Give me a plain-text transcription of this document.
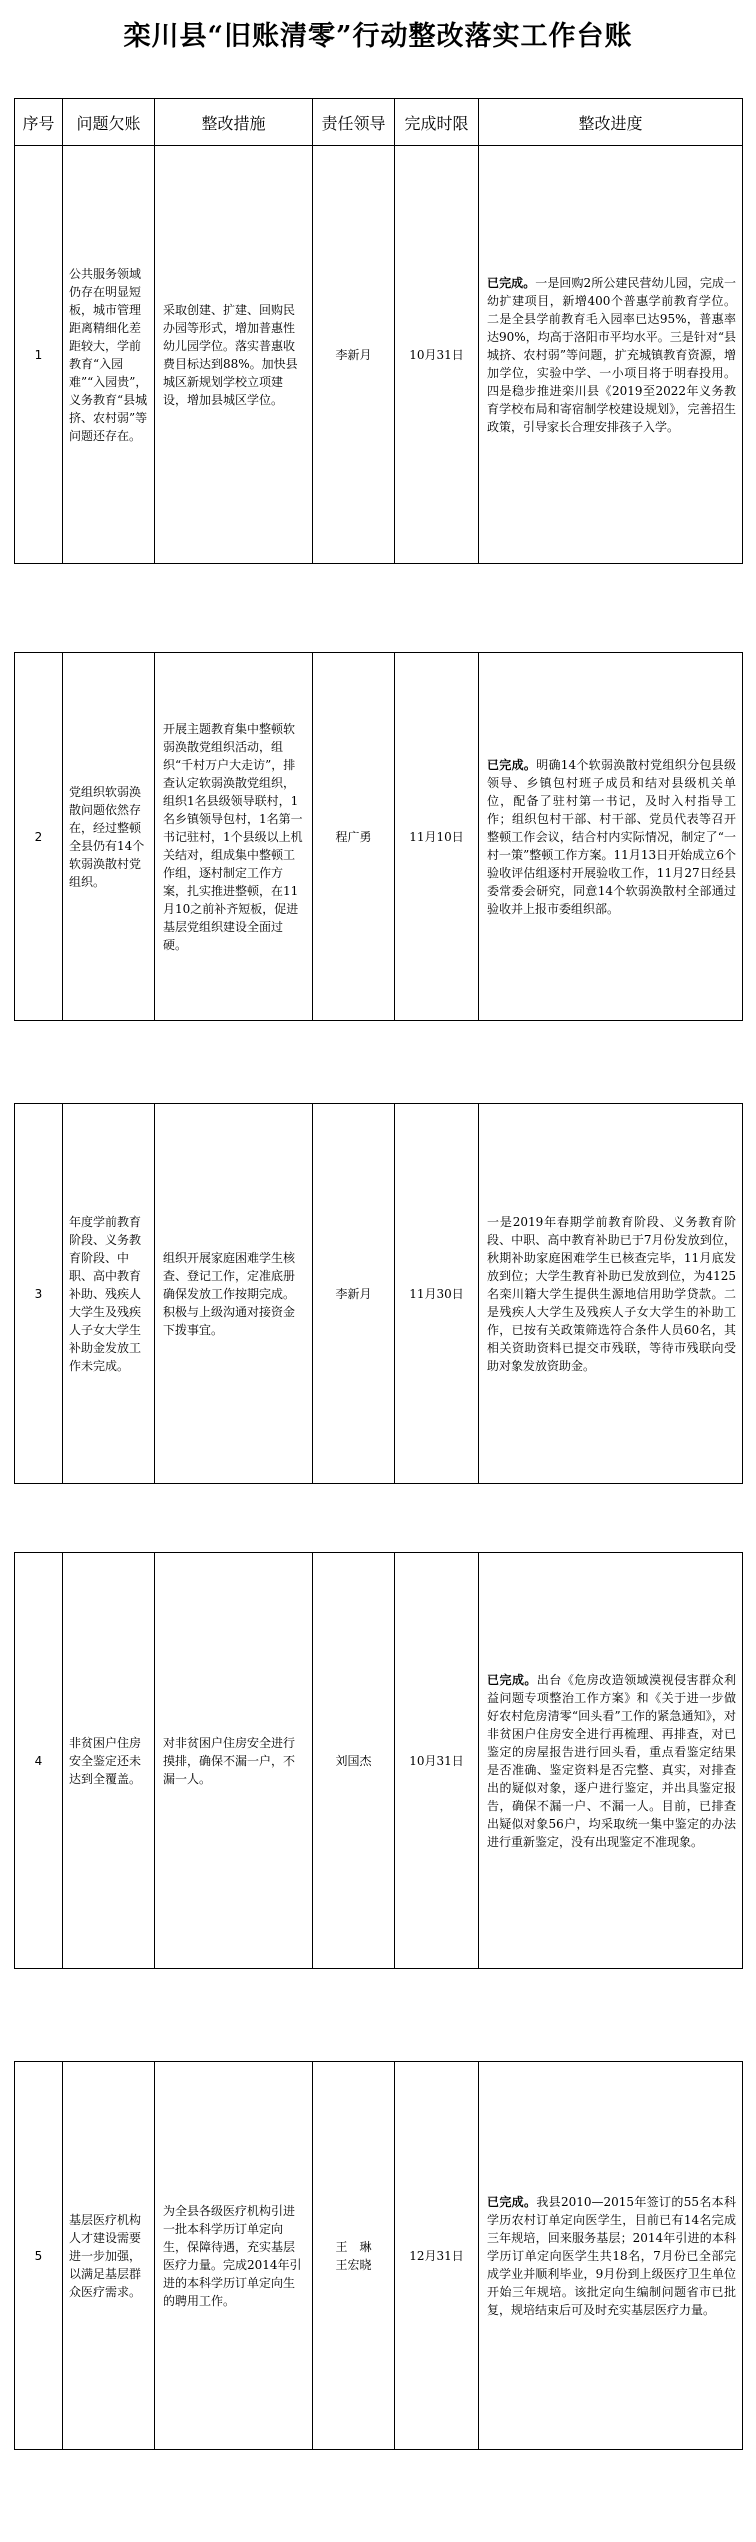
栾川县“旧账清零”行动整改落实工作台账
序号	问题欠账	整改措施	责任领导	完成时限	整改进度
1	公共服务领域仍存在明显短板，城市管理距离精细化差距较大，学前教育“入园难”“入园贵”，义务教育“县城挤、农村弱”等问题还存在。	采取创建、扩建、回购民办园等形式，增加普惠性幼儿园学位。落实普惠收费目标达到88%。加快县城区新规划学校立项建设，增加县城区学位。	李新月	10月31日	已完成。一是回购2所公建民营幼儿园，完成一幼扩建项目，新增400个普惠学前教育学位。二是全县学前教育毛入园率已达95%，普惠率达90%，均高于洛阳市平均水平。三是针对“县城挤、农村弱”等问题，扩充城镇教育资源，增加学位，实验中学、一小项目将于明春投用。四是稳步推进栾川县《2019至2022年义务教育学校布局和寄宿制学校建设规划》，完善招生政策，引导家长合理安排孩子入学。

2	党组织软弱涣散问题依然存在，经过整顿全县仍有14个软弱涣散村党组织。	开展主题教育集中整顿软弱涣散党组织活动，组织“千村万户大走访”，排查认定软弱涣散党组织，组织1名县级领导联村，1名乡镇领导包村，1名第一书记驻村，1个县级以上机关结对，组成集中整顿工作组，逐村制定工作方案，扎实推进整顿，在11月10之前补齐短板，促进基层党组织建设全面过硬。	程广勇	11月10日	已完成。明确14个软弱涣散村党组织分包县级领导、乡镇包村班子成员和结对县级机关单位，配备了驻村第一书记，及时入村指导工作；组织包村干部、村干部、党员代表等召开整顿工作会议，结合村内实际情况，制定了“一村一策”整顿工作方案。11月13日开始成立6个验收评估组逐村开展验收工作，11月27日经县委常委会研究，同意14个软弱涣散村全部通过验收并上报市委组织部。

3	年度学前教育阶段、义务教育阶段、中职、高中教育补助、残疾人大学生及残疾人子女大学生补助金发放工作未完成。	组织开展家庭困难学生核查、登记工作，定准底册确保发放工作按期完成。积极与上级沟通对接资金下拨事宜。	李新月	11月30日	一是2019年春期学前教育阶段、义务教育阶段、中职、高中教育补助已于7月份发放到位，秋期补助家庭困难学生已核查完毕，11月底发放到位；大学生教育补助已发放到位，为4125名栾川籍大学生提供生源地信用助学贷款。二是残疾人大学生及残疾人子女大学生的补助工作，已按有关政策筛选符合条件人员60名，其相关资助资料已提交市残联，等待市残联向受助对象发放资助金。

4	非贫困户住房安全鉴定还未达到全覆盖。	对非贫困户住房安全进行摸排，确保不漏一户，不漏一人。	刘国杰	10月31日	已完成。出台《危房改造领域漠视侵害群众利益问题专项整治工作方案》和《关于进一步做好农村危房清零“回头看”工作的紧急通知》，对非贫困户住房安全进行再梳理、再排查，对已鉴定的房屋报告进行回头看，重点看鉴定结果是否准确、鉴定资料是否完整、真实，对排查出的疑似对象，逐户进行鉴定，并出具鉴定报告，确保不漏一户、不漏一人。目前，已排查出疑似对象56户，均采取统一集中鉴定的办法进行重新鉴定，没有出现鉴定不准现象。

5	基层医疗机构人才建设需要进一步加强，以满足基层群众医疗需求。	为全县各级医疗机构引进一批本科学历订单定向生，保障待遇，充实基层医疗力量。完成2014年引进的本科学历订单定向生的聘用工作。	王　琳
王宏晓	12月31日	已完成。我县2010—2015年签订的55名本科学历农村订单定向医学生，目前已有14名完成三年规培，回来服务基层；2014年引进的本科学历订单定向医学生共18名，7月份已全部完成学业并顺利毕业，9月份到上级医疗卫生单位开始三年规培。该批定向生编制问题省市已批复，规培结束后可及时充实基层医疗力量。
